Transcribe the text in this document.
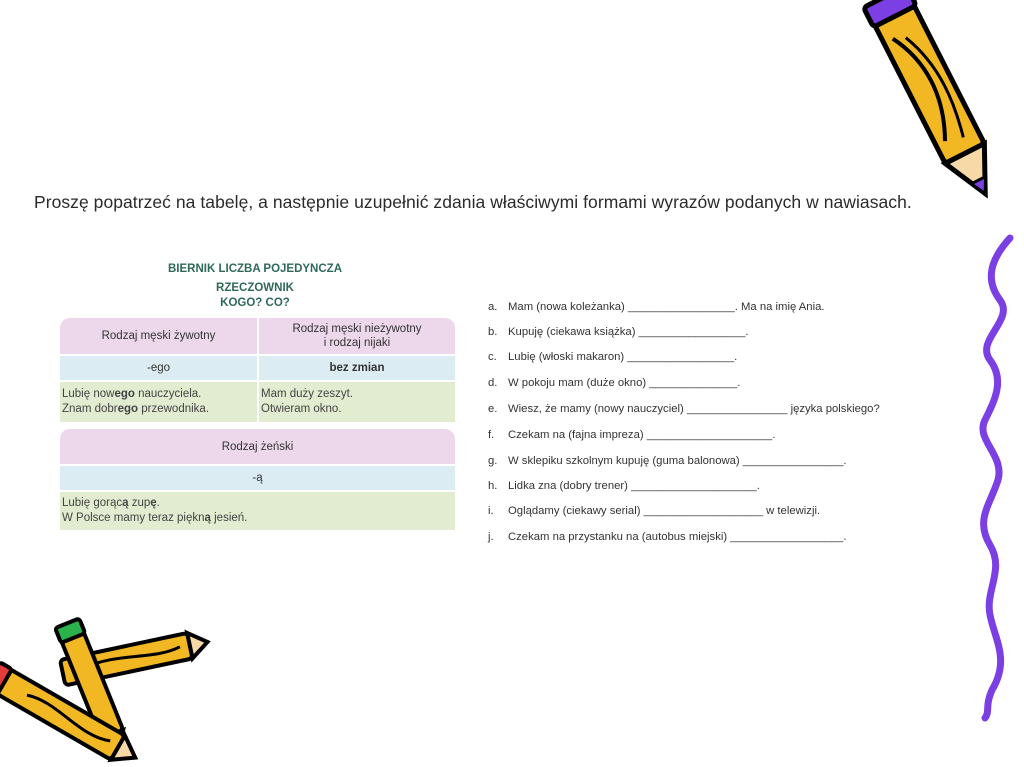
Proszę popatrzeć na tabelę, a następnie uzupełnić zdania właściwymi formami wyrazów podanych w nawiasach.
BIERNIK LICZBA POJEDYNCZA
RZECZOWNIK
KOGO? CO?
Rodzaj męski żywotny
Rodzaj męski nieżywotny
i rodzaj nijaki
-ego	bez zmian
Lubię nowego nauczyciela.
Znam dobrego przewodnika.
Mam duży zeszyt.
Otwieram okno.
Rodzaj żeński
-ą
Lubię gorącą zupę.
W Polsce mamy teraz piękną jesień.
a. Mam (nowa koleżanka) _________________. Ma na imię Ania.
b. Kupuję (ciekawa książka) _________________.
c. Lubię (włoski makaron) _________________.
d. W pokoju mam (duże okno) ______________.
e. Wiesz, że mamy (nowy nauczyciel) ________________ języka polskiego?
f. Czekam na (fajna impreza) ____________________.
g. W sklepiku szkolnym kupuję (guma balonowa) ________________.
h. Lidka zna (dobry trener) ____________________.
i. Oglądamy (ciekawy serial) ___________________ w telewizji.
j. Czekam na przystanku na (autobus miejski) __________________.
